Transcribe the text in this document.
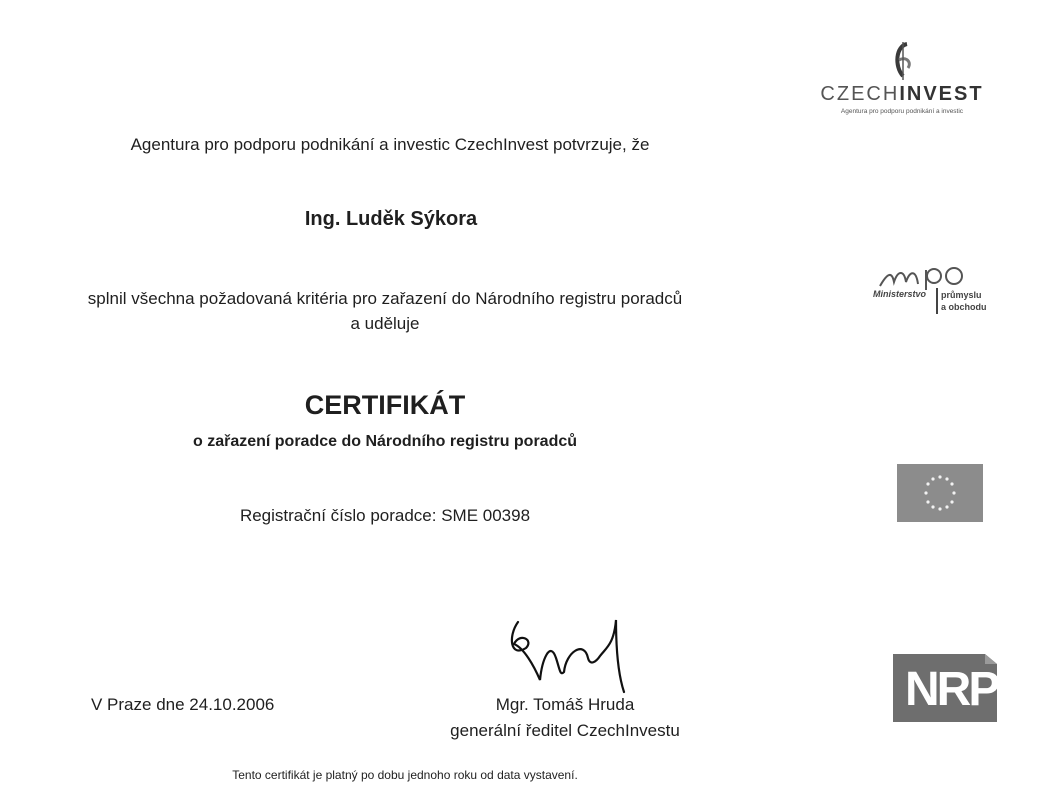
CZECHINVEST
Agentura pro podporu podnikání a investic
Ministerstvo průmyslu
a obchodu
NRP
Agentura pro podporu podnikání a investic CzechInvest potvrzuje, že
Ing. Luděk Sýkora
splnil všechna požadovaná kritéria pro zařazení do Národního registru poradců
a uděluje
CERTIFIKÁT
o zařazení poradce do Národního registru poradců
Registrační číslo poradce: SME 00398
V Praze dne 24.10.2006	Mgr. Tomáš Hruda
generální ředitel CzechInvestu
Tento certifikát je platný po dobu jednoho roku od data vystavení.
